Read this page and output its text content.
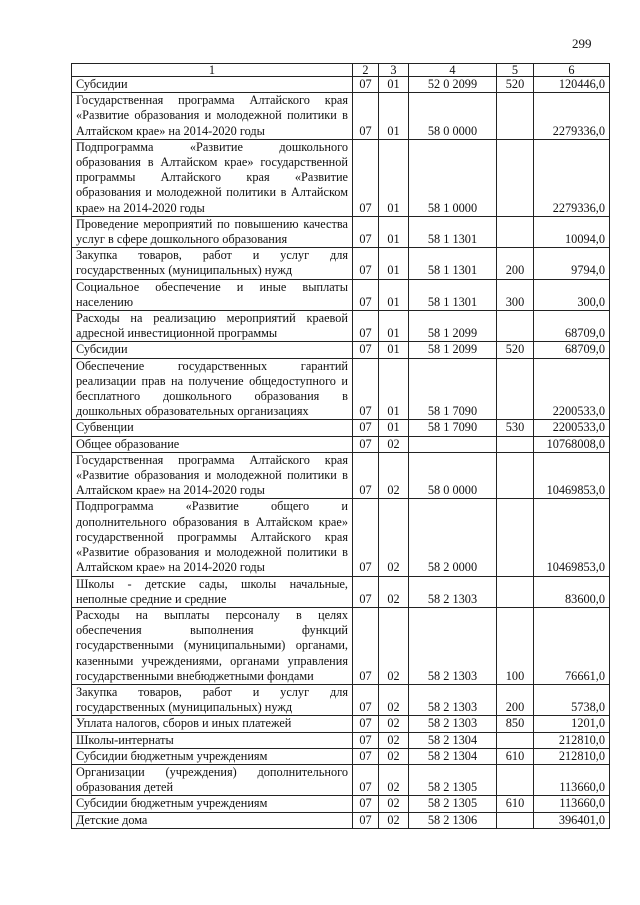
299
1	2	3	4	5	6
Субсидии	07	01	52 0 2099	520	120446,0
Государственная программа Алтайского края «Развитие образования и молодежной политики в Алтайском крае» на 2014-2020 годы	07	01	58 0 0000		2279336,0
Подпрограмма «Развитие дошкольного образования в Алтайском крае» государственной программы Алтайского края «Развитие образования и молодежной политики в Алтайском крае» на 2014-2020 годы	07	01	58 1 0000		2279336,0
Проведение мероприятий по повышению качества услуг в сфере дошкольного образования	07	01	58 1 1301		10094,0
Закупка товаров, работ и услуг для государственных (муниципальных) нужд	07	01	58 1 1301	200	9794,0
Социальное обеспечение и иные выплаты населению	07	01	58 1 1301	300	300,0
Расходы на реализацию мероприятий краевой адресной инвестиционной программы	07	01	58 1 2099		68709,0
Субсидии	07	01	58 1 2099	520	68709,0
Обеспечение государственных гарантий реализации прав на получение общедоступного и бесплатного дошкольного образования в дошкольных образовательных организациях	07	01	58 1 7090		2200533,0
Субвенции	07	01	58 1 7090	530	2200533,0
Общее образование	07	02			10768008,0
Государственная программа Алтайского края «Развитие образования и молодежной политики в Алтайском крае» на 2014-2020 годы	07	02	58 0 0000		10469853,0
Подпрограмма «Развитие общего и дополнительного образования в Алтайском крае» государственной программы Алтайского края «Развитие образования и молодежной политики в Алтайском крае» на 2014-2020 годы	07	02	58 2 0000		10469853,0
Школы - детские сады, школы начальные, неполные средние и средние	07	02	58 2 1303		83600,0
Расходы на выплаты персоналу в целях обеспечения выполнения функций государственными (муниципальными) органами, казенными учреждениями, органами управления государственными внебюджетными фондами	07	02	58 2 1303	100	76661,0
Закупка товаров, работ и услуг для государственных (муниципальных) нужд	07	02	58 2 1303	200	5738,0
Уплата налогов, сборов и иных платежей	07	02	58 2 1303	850	1201,0
Школы-интернаты	07	02	58 2 1304		212810,0
Субсидии бюджетным учреждениям	07	02	58 2 1304	610	212810,0
Организации (учреждения) дополнительного образования детей	07	02	58 2 1305		113660,0
Субсидии бюджетным учреждениям	07	02	58 2 1305	610	113660,0
Детские дома	07	02	58 2 1306		396401,0
